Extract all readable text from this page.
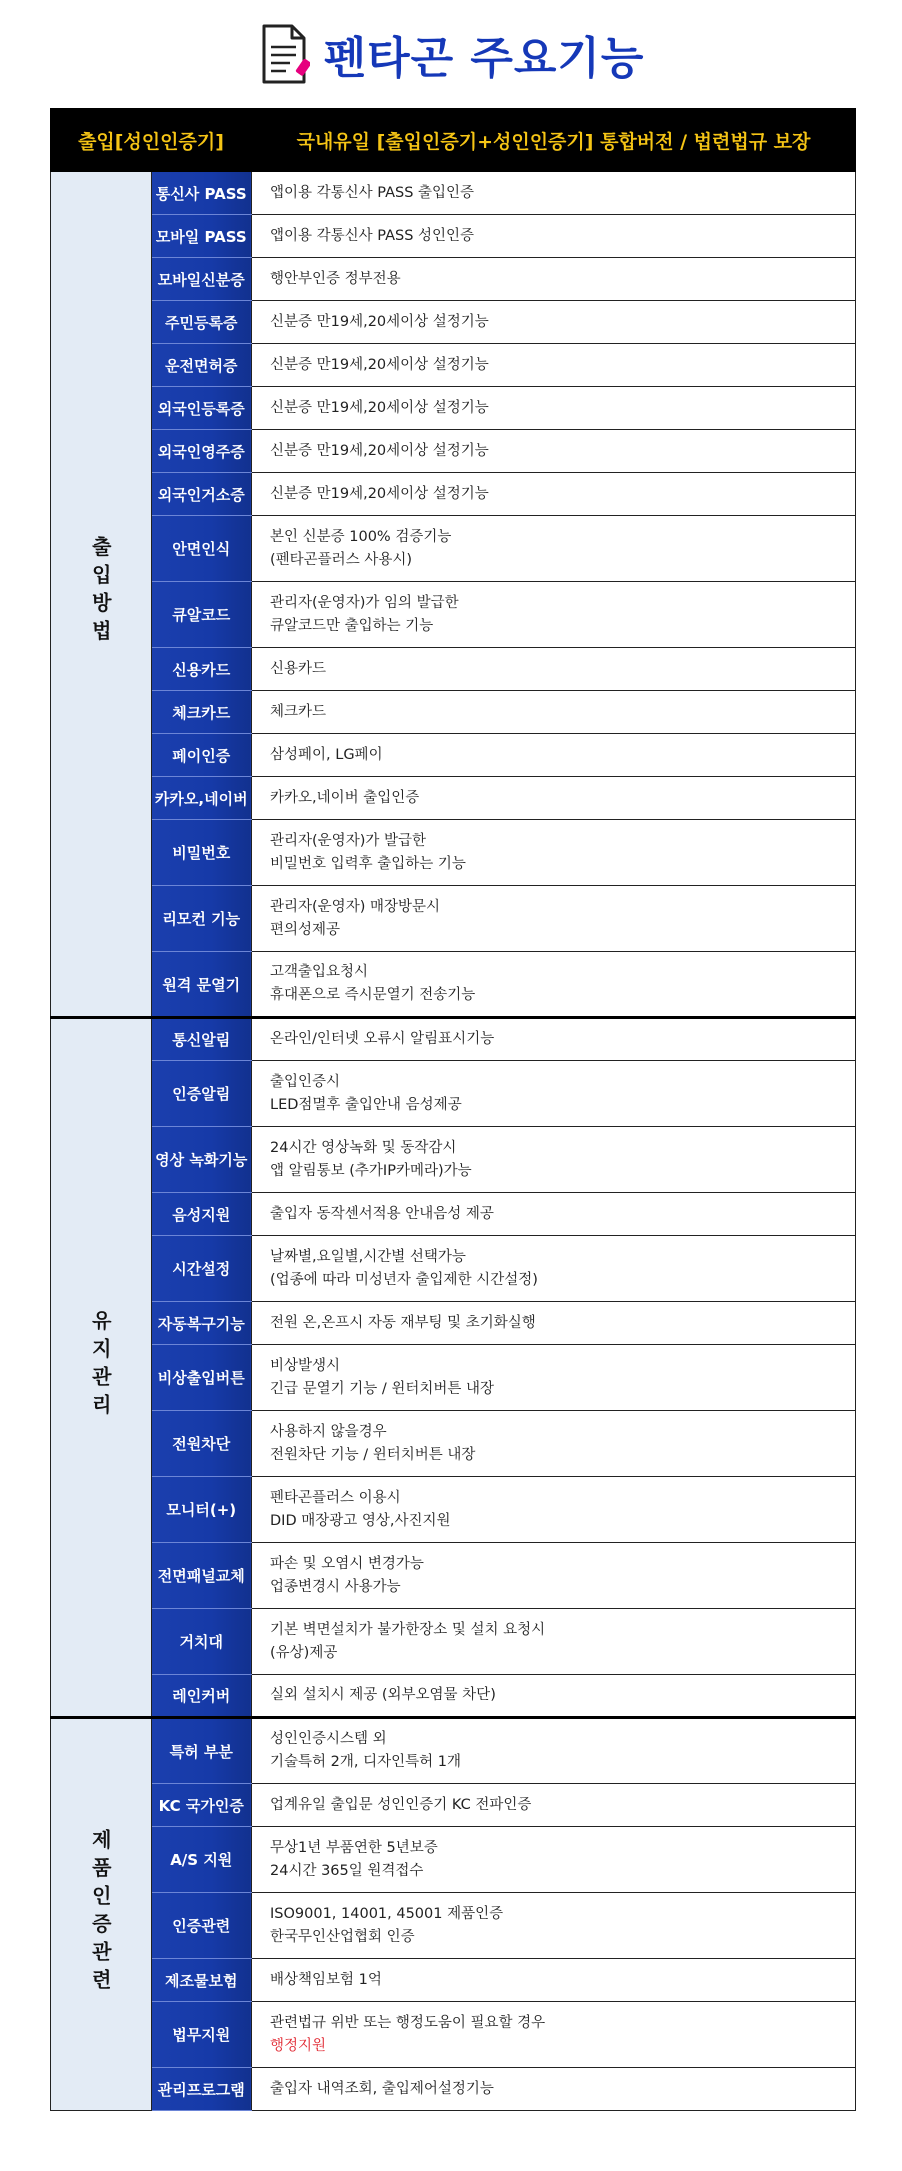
펜타곤 주요기능
출입[성인인증기]		국내유일 [출입인증기+성인인증기] 통합버전 / 법련법규 보장
출입방법	통신사 PASS	앱이용 각통신사 PASS 출입인증

	모바일 PASS	앱이용 각통신사 PASS 성인인증

	모바일신분증	행안부인증 정부전용

	주민등록증	신분증 만19세,20세이상 설정기능

	운전면허증	신분증 만19세,20세이상 설정기능

	외국인등록증	신분증 만19세,20세이상 설정기능

	외국인영주증	신분증 만19세,20세이상 설정기능

	외국인거소증	신분증 만19세,20세이상 설정기능

	안면인식	본인 신분증 100% 검증기능
(펜타곤플러스 사용시)

	큐알코드	관리자(운영자)가 임의 발급한
큐알코드만 출입하는 기능

	신용카드	신용카드

	체크카드	체크카드

	페이인증	삼성페이, LG페이

	카카오,네이버	카카오,네이버 출입인증

	비밀번호	관리자(운영자)가 발급한
비밀번호 입력후 출입하는 기능

	리모컨 기능	관리자(운영자) 매장방문시
편의성제공

	원격 문열기	고객출입요청시
휴대폰으로 즉시문열기 전송기능

유지관리	통신알림	온라인/인터넷 오류시 알림표시기능

	인증알림	출입인증시
LED점멸후 출입안내 음성제공

	영상 녹화기능	24시간 영상녹화 및 동작감시
앱 알림통보 (추가IP카메라)가능

	음성지원	출입자 동작센서적용 안내음성 제공

	시간설정	날짜별,요일별,시간별 선택가능
(업종에 따라 미성년자 출입제한 시간설정)

	자동복구기능	전원 온,온프시 자동 재부팅 및 초기화실행

	비상출입버튼	비상발생시
긴급 문열기 기능 / 윈터치버튼 내장

	전원차단	사용하지 않을경우
전원차단 기능 / 윈터치버튼 내장

	모니터(+)	펜타곤플러스 이용시
DID 매장광고 영상,사진지원

	전면패널교체	파손 및 오염시 변경가능
업종변경시 사용가능

	거치대	기본 벽면설치가 불가한장소 및 설치 요청시
(유상)제공

	레인커버	실외 설치시 제공 (외부오염물 차단)

제품인증관련	특허 부분	성인인증시스템 외
기술특허 2개, 디자인특허 1개

	KC 국가인증	업계유일 출입문 성인인증기 KC 전파인증

	A/S 지원	무상1년 부품연한 5년보증
24시간 365일 원격접수

	인증관련	ISO9001, 14001, 45001 제품인증
한국무인산업협회 인증

	제조물보험	배상책임보험 1억

	법무지원	관련법규 위반 또는 행정도움이 필요할 경우
행정지원

	관리프로그램	출입자 내역조회, 출입제어설정기능
